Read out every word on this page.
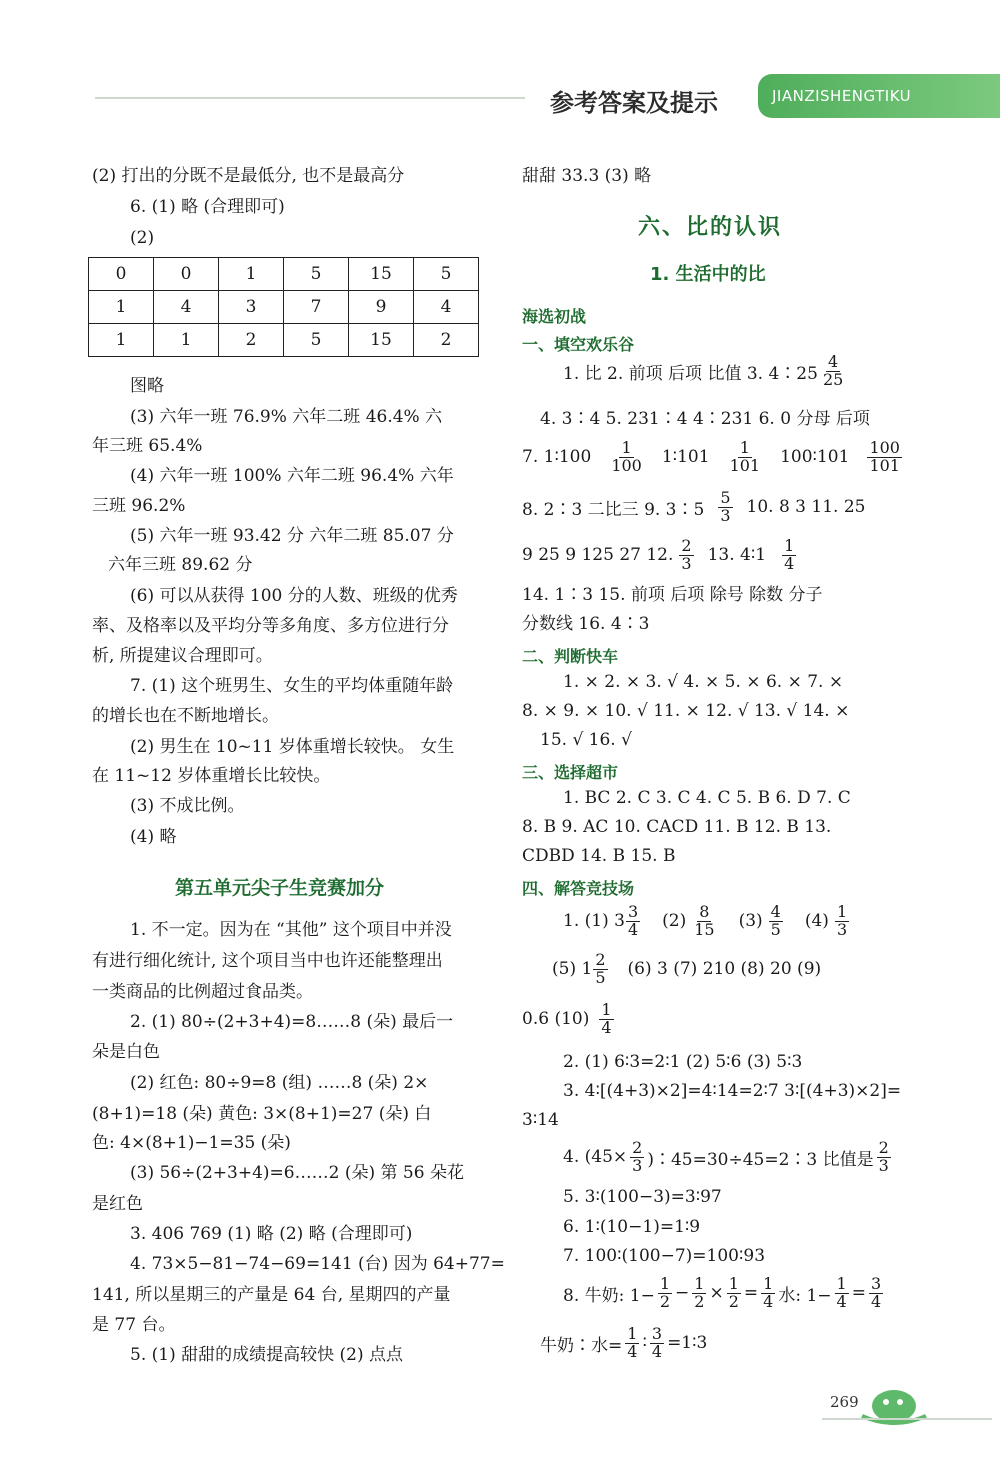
参考答案及提示	JIANZISHENGTIKU
(2) 打出的分既不是最低分, 也不是最高分
6. (1) 略 (合理即可)
(2)
0	0	1	5	15	5
1	4	3	7	9	4
1	1	2	5	15	2
图略
(3) 六年一班 76.9% 六年二班 46.4% 六
年三班 65.4%
(4) 六年一班 100% 六年二班 96.4% 六年
三班 96.2%
(5) 六年一班 93.42 分 六年二班 85.07 分
六年三班 89.62 分
(6) 可以从获得 100 分的人数、班级的优秀
率、及格率以及平均分等多角度、多方位进行分
析, 所提建议合理即可。
7. (1) 这个班男生、女生的平均体重随年龄
的增长也在不断地增长。
(2) 男生在 10~11 岁体重增长较快。 女生
在 11~12 岁体重增长比较快。
(3) 不成比例。
(4) 略
第五单元尖子生竞赛加分
1. 不一定。因为在 “其他” 这个项目中并没
有进行细化统计, 这个项目当中也许还能整理出
一类商品的比例超过食品类。
2. (1) 80÷(2+3+4)=8……8 (朵) 最后一
朵是白色
(2) 红色: 80÷9=8 (组) ……8 (朵) 2×
(8+1)=18 (朵) 黄色: 3×(8+1)=27 (朵) 白
色: 4×(8+1)−1=35 (朵)
(3) 56÷(2+3+4)=6……2 (朵) 第 56 朵花
是红色
3. 406 769 (1) 略 (2) 略 (合理即可)
4. 73×5−81−74−69=141 (台) 因为 64+77=
141, 所以星期三的产量是 64 台, 星期四的产量
是 77 台。
5. (1) 甜甜的成绩提高较快 (2) 点点
甜甜 33.3 (3) 略
六、比的认识
1. 生活中的比
海选初战
一、填空欢乐谷
1. 比 2. 前项 后项 比值 3. 4∶25 $\frac{4}{25}$
4. 3∶4 5. 231∶4 4∶231 6. 0 分母 后项
7. 1∶100 $\frac{1}{100}$ 1∶101 $\frac{1}{101}$ 100∶101 $\frac{100}{101}$
8. 2∶3 二比三 9. 3∶5 $\frac{5}{3} 10$. 8 3 11. 25
9 25 9 125 27 12. $\frac{2}{3} 13$. 4∶1 $\frac{1}{4}$
14. 1∶3 15. 前项 后项 除号 除数 分子
分数线 16. 4∶3
二、判断快车
1. × 2. × 3. √ 4. × 5. × 6. × 7. ×
8. × 9. × 10. √ 11. × 12. √ 13. √ 14. ×
15. √ 16. √
三、选择超市
1. BC 2. C 3. C 4. C 5. B 6. D 7. C
8. B 9. AC 10. CACD 11. B 12. B 13.
CDBD 14. B 15. B
四、解答竞技场
1. (1) $3 \frac{3}{4} (2) \frac{8}{15} (3) \frac{4}{5} (4) \frac{1}{3}$
(5) $1 \frac{2}{5} (6)$ 3 (7) 210 (8) 20 (9)
0.6 $(10) \frac{1}{4}$
2. (1) 6∶3=2∶1 (2) 5∶6 (3) 5∶3
3. 4∶[(4+3)×2]=4∶14=2∶7 3∶[(4+3)×2]=
3∶14
4. ($45\times \frac{2}{3}$ )∶45=30÷45=2∶3 比值是 $\frac{2}{3}$
5. 3∶(100−3)=3∶97
6. 1∶(10−1)=1∶9
7. 100∶(100−7)=100∶93
8. 牛奶: $1- \frac{1}{2} - \frac{1}{2} \times \frac{1}{2} = \frac{1}{4}$ 水: $1- \frac{1}{4} = \frac{3}{4}$
牛奶∶水= $\frac{1}{4}$ ∶ $\frac{3}{4}$ =1∶3
269
